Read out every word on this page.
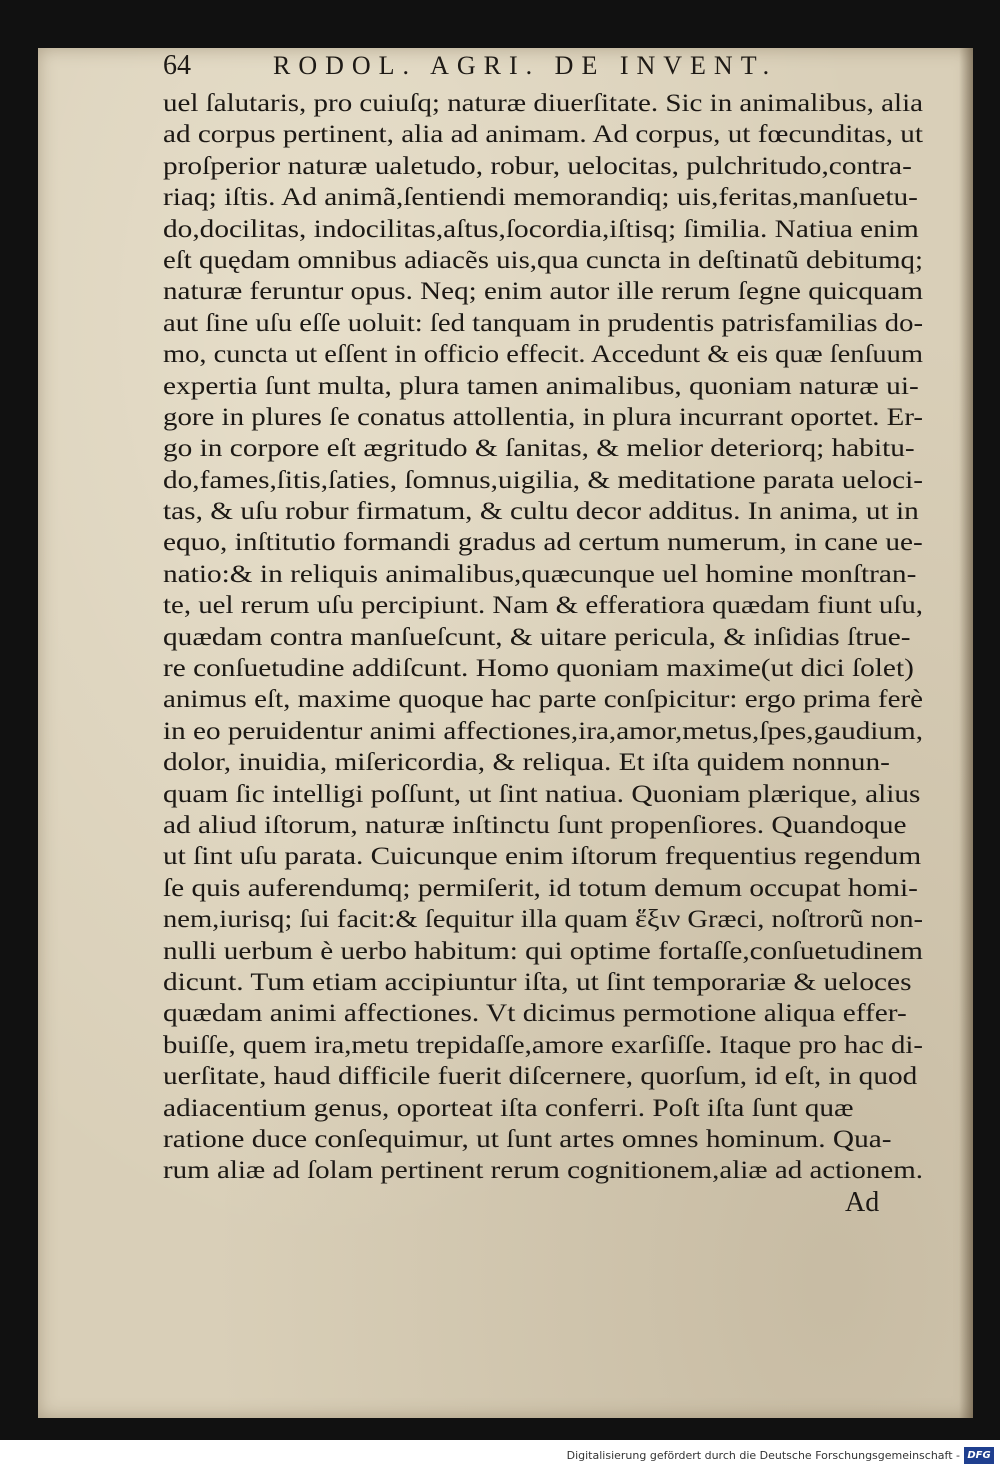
64	RODOL. AGRI. DE INVENT.
uel ſalutaris, pro cuiuſq; naturæ diuerſitate. Sic in animalibus, alia
ad corpus pertinent, alia ad animam. Ad corpus, ut fœcunditas, ut
proſperior naturæ ualetudo, robur, uelocitas, pulchritudo,contra-
riaq; iſtis. Ad animã,ſentiendi memorandiq; uis,feritas,manſuetu-
do,docilitas, indocilitas,aſtus,ſocordia,iſtisq; ſimilia. Natiua enim
eſt quędam omnibus adiacẽs uis,qua cuncta in deſtinatũ debitumq;
naturæ feruntur opus. Neq; enim autor ille rerum ſegne quicquam
aut ſine uſu eſſe uoluit: ſed tanquam in prudentis patrisfamilias do-
mo, cuncta ut eſſent in officio effecit. Accedunt & eis quæ ſenſuum
expertia ſunt multa, plura tamen animalibus, quoniam naturæ ui-
gore in plures ſe conatus attollentia, in plura incurrant oportet. Er-
go in corpore eſt ægritudo & ſanitas, & melior deteriorq; habitu-
do,fames,ſitis,ſaties, ſomnus,uigilia, & meditatione parata ueloci-
tas, & uſu robur firmatum, & cultu decor additus. In anima, ut in
equo, inſtitutio formandi gradus ad certum numerum, in cane ue-
natio:& in reliquis animalibus,quæcunque uel homine monſtran-
te, uel rerum uſu percipiunt. Nam & efferatiora quædam fiunt uſu,
quædam contra manſueſcunt, & uitare pericula, & inſidias ſtrue-
re conſuetudine addiſcunt. Homo quoniam maxime(ut dici ſolet)
animus eſt, maxime quoque hac parte conſpicitur: ergo prima ferè
in eo peruidentur animi affectiones,ira,amor,metus,ſpes,gaudium,
dolor, inuidia, miſericordia, & reliqua. Et iſta quidem nonnun-
quam ſic intelligi poſſunt, ut ſint natiua. Quoniam plærique, alius
ad aliud iſtorum, naturæ inſtinctu ſunt propenſiores. Quandoque
ut ſint uſu parata. Cuicunque enim iſtorum frequentius regendum
ſe quis auferendumq; permiſerit, id totum demum occupat homi-
nem,iurisq; ſui facit:& ſequitur illa quam ἕξιν Græci, noſtrorũ non-
nulli uerbum è uerbo habitum: qui optime fortaſſe,conſuetudinem
dicunt. Tum etiam accipiuntur iſta, ut ſint temporariæ & ueloces
quædam animi affectiones. Vt dicimus permotione aliqua effer-
buiſſe, quem ira,metu trepidaſſe,amore exarſiſſe. Itaque pro hac di-
uerſitate, haud difficile fuerit diſcernere, quorſum, id eſt, in quod
adiacentium genus, oporteat iſta conferri. Poſt iſta ſunt quæ
ratione duce conſequimur, ut ſunt artes omnes hominum. Qua-
rum aliæ ad ſolam pertinent rerum cognitionem,aliæ ad actionem.
Ad
Digitalisierung gefördert durch die Deutsche Forschungsgemeinschaft - DFG
